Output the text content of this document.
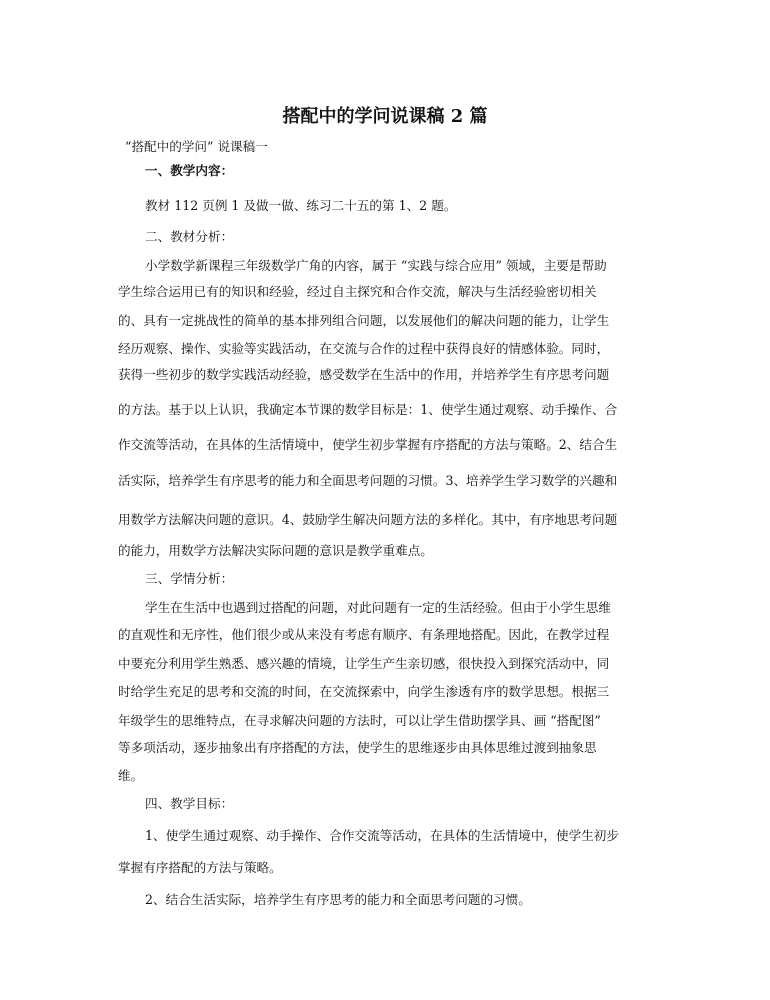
搭配中的学问说课稿 2 篇
“搭配中的学问” 说课稿一
一、教学内容：
教材 112 页例 1 及做一做、练习二十五的第 1、2 题。
二、教材分析：
小学数学新课程三年级数学广角的内容，属于 “实践与综合应用” 领域，主要是帮助
学生综合运用已有的知识和经验，经过自主探究和合作交流，解决与生活经验密切相关
的、具有一定挑战性的简单的基本排列组合问题，以发展他们的解决问题的能力，让学生
经历观察、操作、实验等实践活动，在交流与合作的过程中获得良好的情感体验。同时，
获得一些初步的数学实践活动经验，感受数学在生活中的作用，并培养学生有序思考问题
的方法。基于以上认识，我确定本节课的数学目标是：1、使学生通过观察、动手操作、合
作交流等活动，在具体的生活情境中，使学生初步掌握有序搭配的方法与策略。2、结合生
活实际，培养学生有序思考的能力和全面思考问题的习惯。3、培养学生学习数学的兴趣和
用数学方法解决问题的意识。4、鼓励学生解决问题方法的多样化。其中，有序地思考问题
的能力，用数学方法解决实际问题的意识是教学重难点。
三、学情分析：
学生在生活中也遇到过搭配的问题，对此问题有一定的生活经验。但由于小学生思维
的直观性和无序性，他们很少或从来没有考虑有顺序、有条理地搭配。因此，在教学过程
中要充分利用学生熟悉、感兴趣的情境，让学生产生亲切感，很快投入到探究活动中，同
时给学生充足的思考和交流的时间，在交流探索中，向学生渗透有序的数学思想。根据三
年级学生的思维特点，在寻求解决问题的方法时，可以让学生借助摆学具、画 “搭配图”
等多项活动，逐步抽象出有序搭配的方法，使学生的思维逐步由具体思维过渡到抽象思
维。
四、教学目标：
1、使学生通过观察、动手操作、合作交流等活动，在具体的生活情境中，使学生初步
掌握有序搭配的方法与策略。
2、结合生活实际，培养学生有序思考的能力和全面思考问题的习惯。
